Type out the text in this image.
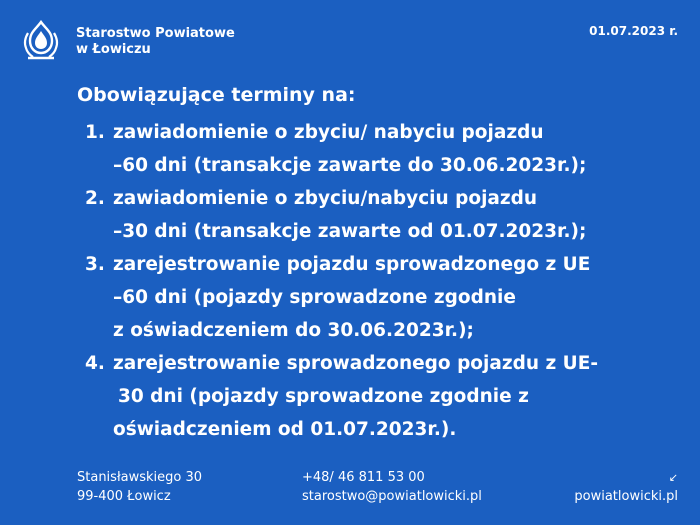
Starostwo Powiatowe
w Łowiczu
01.07.2023 r.
Obowiązujące terminy na:
1. zawiadomienie o zbyciu/ nabyciu pojazdu
–60 dni (transakcje zawarte do 30.06.2023r.);
2. zawiadomienie o zbyciu/nabyciu pojazdu
–30 dni (transakcje zawarte od 01.07.2023r.);
3. zarejestrowanie pojazdu sprowadzonego z UE
–60 dni (pojazdy sprowadzone zgodnie
z oświadczeniem do 30.06.2023r.);
4. zarejestrowanie sprowadzonego pojazdu z UE-
30 dni (pojazdy sprowadzone zgodnie z
oświadczeniem od 01.07.2023r.).
Stanisławskiego 30
99-400 Łowicz
+48/ 46 811 53 00
starostwo@powiatlowicki.pl
↙
powiatlowicki.pl
